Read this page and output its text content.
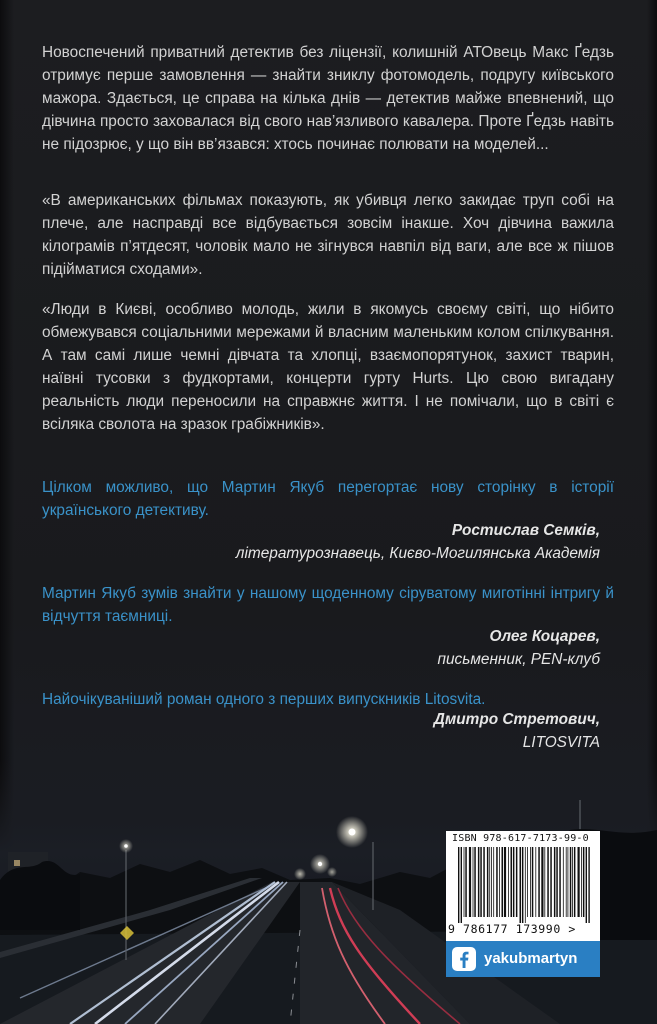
Новоспечений приватний детектив без ліцензії, колишній АТОвець Макс Ґедзь отримує перше замовлення — знайти зниклу фотомодель, подругу київського мажора. Здається, це справа на кілька днів — детектив майже впевнений, що дівчина просто заховалася від свого нав’язливого кавалера. Проте Ґедзь навіть не підозрює, у що він вв’язався: хтось починає полювати на моделей...
«В американських фільмах показують, як убивця легко закидає труп собі на плече, але насправді все відбувається зовсім інакше. Хоч дівчина важила кілограмів п’ятдесят, чоловік мало не зігнувся навпіл від ваги, але все ж пішов підійматися сходами».
«Люди в Києві, особливо молодь, жили в якомусь своєму світі, що нібито обмежувався соціальними мережами й власним маленьким колом спілкування. А там самі лише чемні дівчата та хлопці, взаємопорятунок, захист тварин, наївні тусовки з фудкортами, концерти гурту Hurts. Цю свою вигадану реальність люди переносили на справжнє життя. І не помічали, що в світі є всіляка сволота на зразок грабіжників».
Цілком можливо, що Мартин Якуб перегортає нову сторінку в історії українського детективу.
Ростислав Семків,
літературознавець, Києво-Могилянська Академія
Мартин Якуб зумів знайти у нашому щоденному сіруватому миготінні інтригу й відчуття таємниці.
Олег Коцарев,
письменник, PEN-клуб
Найочікуваніший роман одного з перших випускників Litosvita.
Дмитро Стретович,
LITOSVITA
ISBN 978-617-7173-99-0
9 786177 173990 >
yakubmartyn
